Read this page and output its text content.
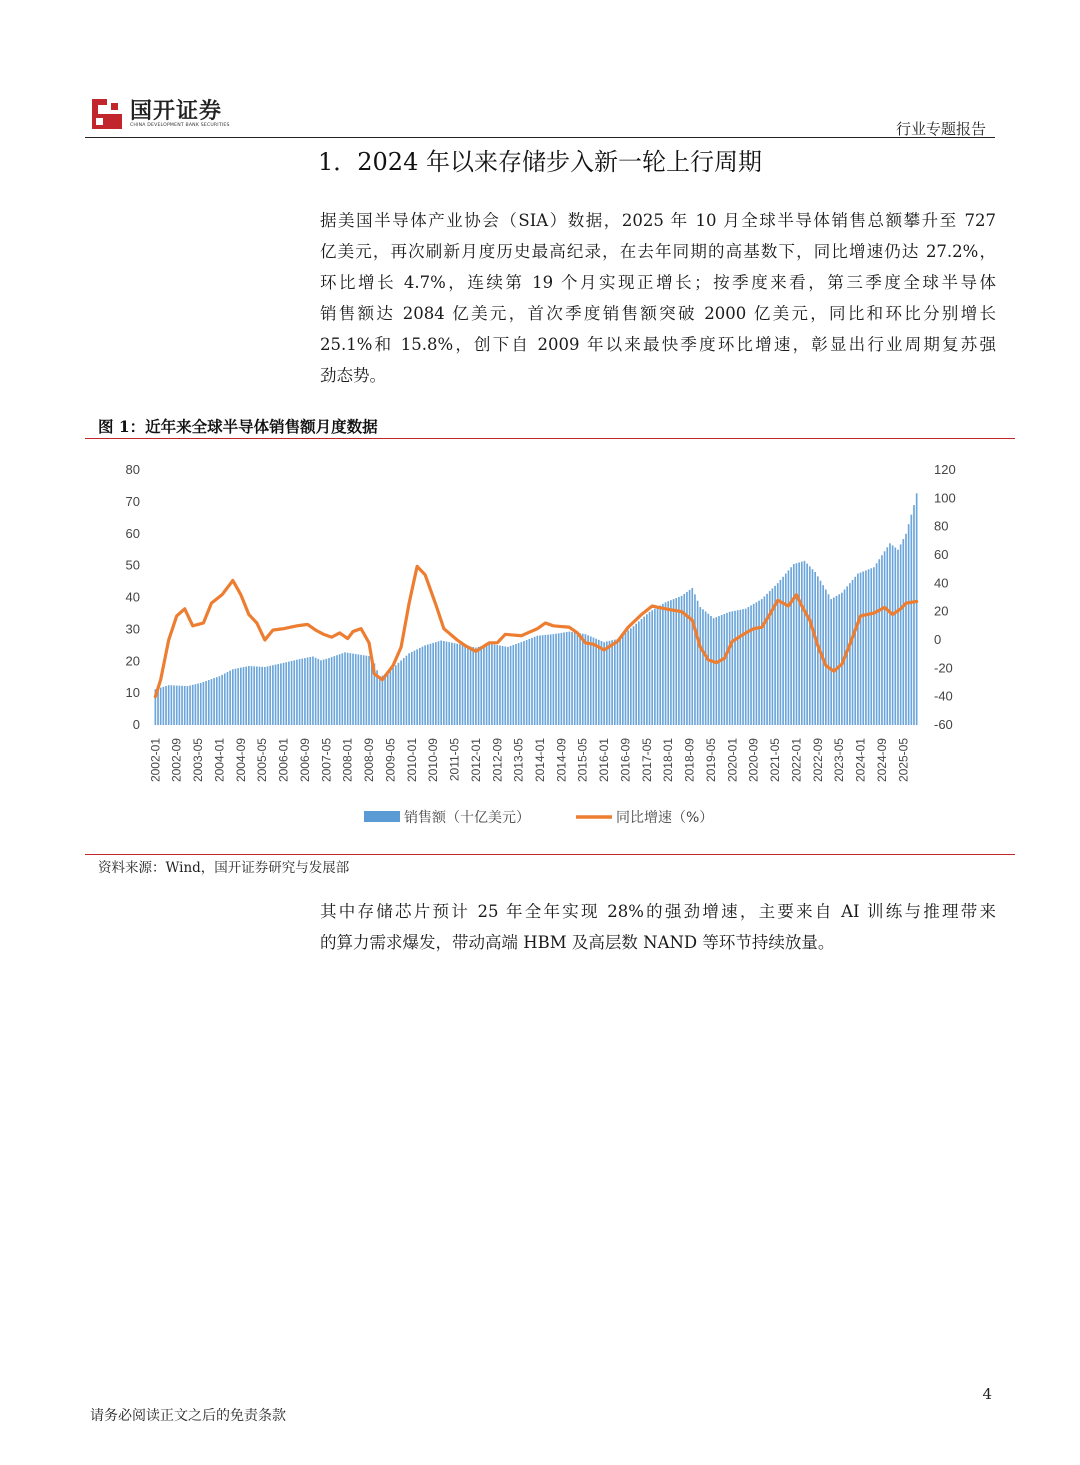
国开证券
CHINA DEVELOPMENT BANK SECURITIES	行业专题报告
1．2024 年以来存储步入新一轮上行周期
据美国半导体产业协会（SIA）数据，2025 年 10 月全球半导体销售总额攀升至 727
亿美元，再次刷新月度历史最高纪录，在去年同期的高基数下，同比增速仍达 27.2%，
环比增长 4.7%，连续第 19 个月实现正增长；按季度来看，第三季度全球半导体
销售额达 2084 亿美元，首次季度销售额突破 2000 亿美元，同比和环比分别增长
25.1%和 15.8%，创下自 2009 年以来最快季度环比增速，彰显出行业周期复苏强
劲态势。
图 1：近年来全球半导体销售额月度数据
0
10
20
30
40
50
60
70
80
-60
-40
-20
0
20
40
60
80
100
120
2002-01 2002-09 2003-05 2004-01 2004-09 2005-05 2006-01 2006-09 2007-05 2008-01 2008-09 2009-05 2010-01 2010-09 2011-05 2012-01 2012-09 2013-05 2014-01 2014-09 2015-05 2016-01 2016-09 2017-05 2018-01 2018-09 2019-05 2020-01 2020-09 2021-05 2022-01 2022-09 2023-05 2024-01 2024-09 2025-05
销售额（十亿美元）	同比增速（%）
资料来源：Wind，国开证券研究与发展部
其中存储芯片预计 25 年全年实现 28%的强劲增速，主要来自 AI 训练与推理带来
的算力需求爆发，带动高端 HBM 及高层数 NAND 等环节持续放量。
4
请务必阅读正文之后的免责条款
